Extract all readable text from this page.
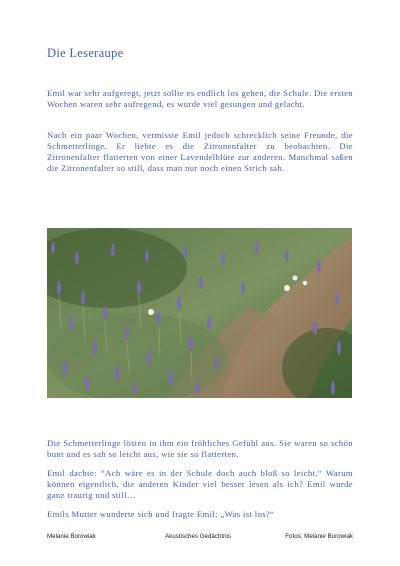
Die Leseraupe

Emil war sehr aufgeregt, jetzt sollte es endlich los gehen, die Schule. Die ersten Wochen waren sehr aufregend, es wurde viel gesungen und gelacht.

Nach ein paar Wochen, vermisste Emil jedoch schrecklich seine Freunde, die Schmetterlinge. Er liebte es die Zitronenfalter zu beobachten. Die Zitronenfalter flatterten von einer Lavendelblüte zur anderen. Manchmal saßen die Zitronenfalter so still, dass man nur noch einen Strich sah.

Die Schmetterlinge lösten in ihm ein fröhliches Gefühl aus. Sie waren so schön bunt und es sah so leicht aus, wie sie so flatterten.

Emil dachte: “Ach wäre es in der Schule doch auch bloß so leicht.“ Warum können eigentlich, die anderen Kinder viel besser lesen als ich? Emil wurde ganz traurig und still…

Emils Mutter wunderte sich und fragte Emil: „Was ist los?“

Melanie Borowiak	Akustisches Gedächtnis	Fotos: Melanie Borowiak
